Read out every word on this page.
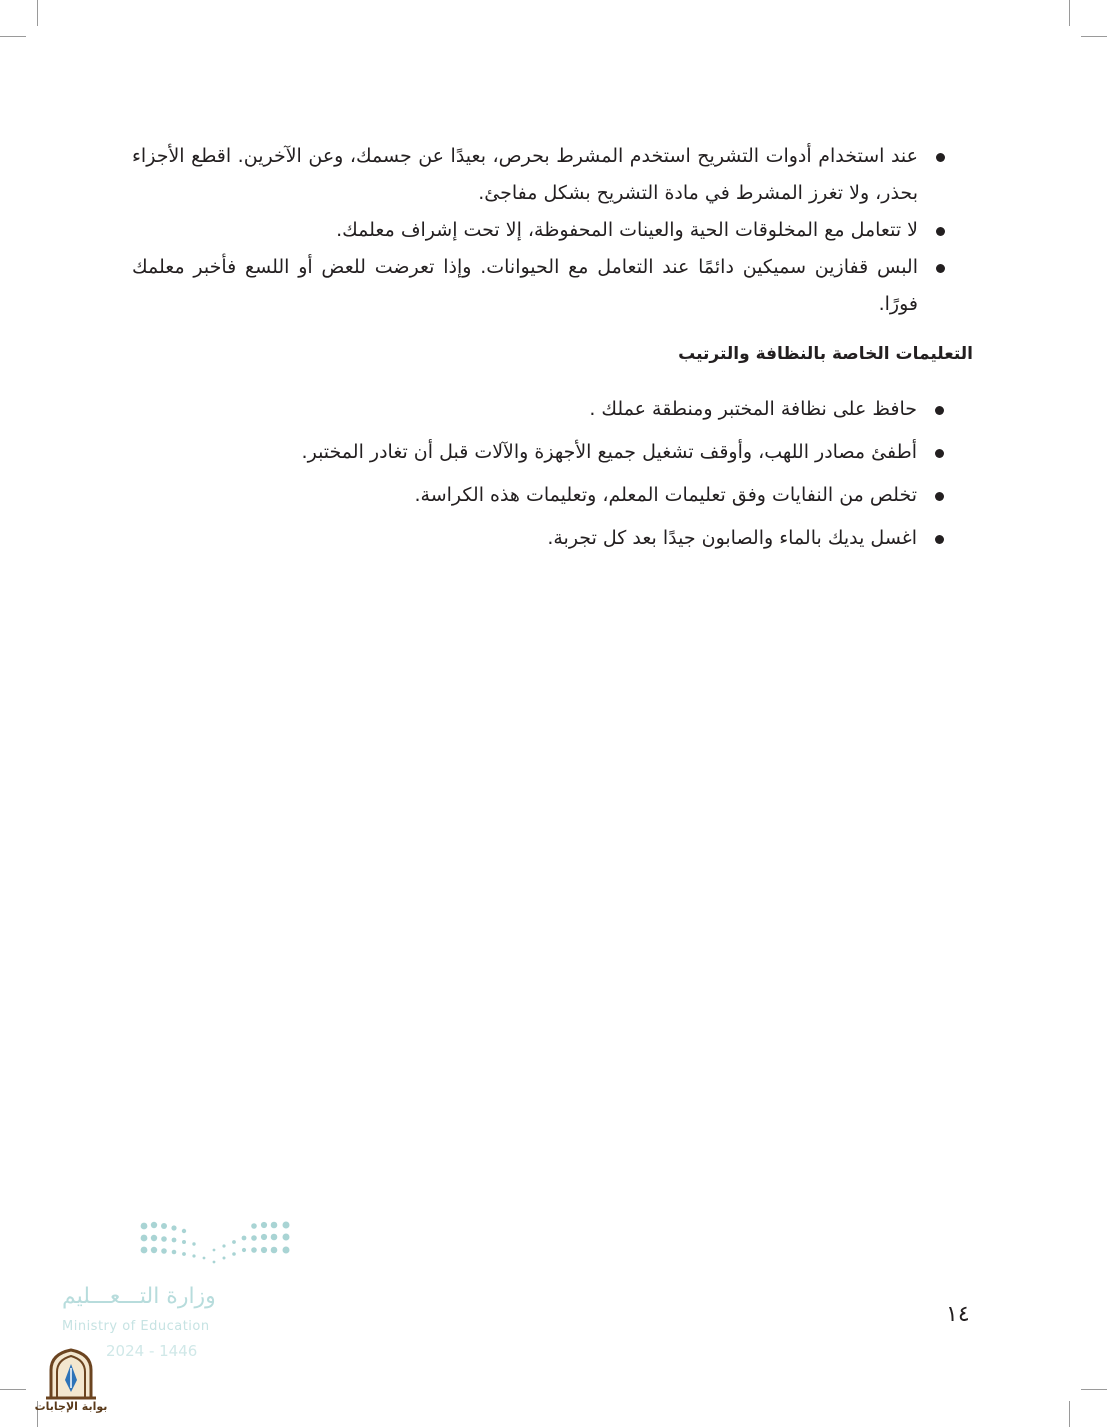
عند استخدام أدوات التشريح استخدم المشرط بحرص، بعيدًا عن جسمك، وعن الآخرين. اقطع الأجزاء بحذر، ولا تغرز المشرط في مادة التشريح بشكل مفاجئ.
لا تتعامل مع المخلوقات الحية والعينات المحفوظة، إلا تحت إشراف معلمك.
البس قفازين سميكين دائمًا عند التعامل مع الحيوانات. وإذا تعرضت للعض أو اللسع فأخبر معلمك فورًا.
التعليمات الخاصة بالنظافة والترتيب
حافظ على نظافة المختبر ومنطقة عملك .
أطفئ مصادر اللهب، وأوقف تشغيل جميع الأجهزة والآلات قبل أن تغادر المختبر.
تخلص من النفايات وفق تعليمات المعلم، وتعليمات هذه الكراسة.
اغسل يديك بالماء والصابون جيدًا بعد كل تجربة.
وزارة التـــعـــليم
Ministry of Education
2024 - 1446
١٤
بوابة الإجابات
